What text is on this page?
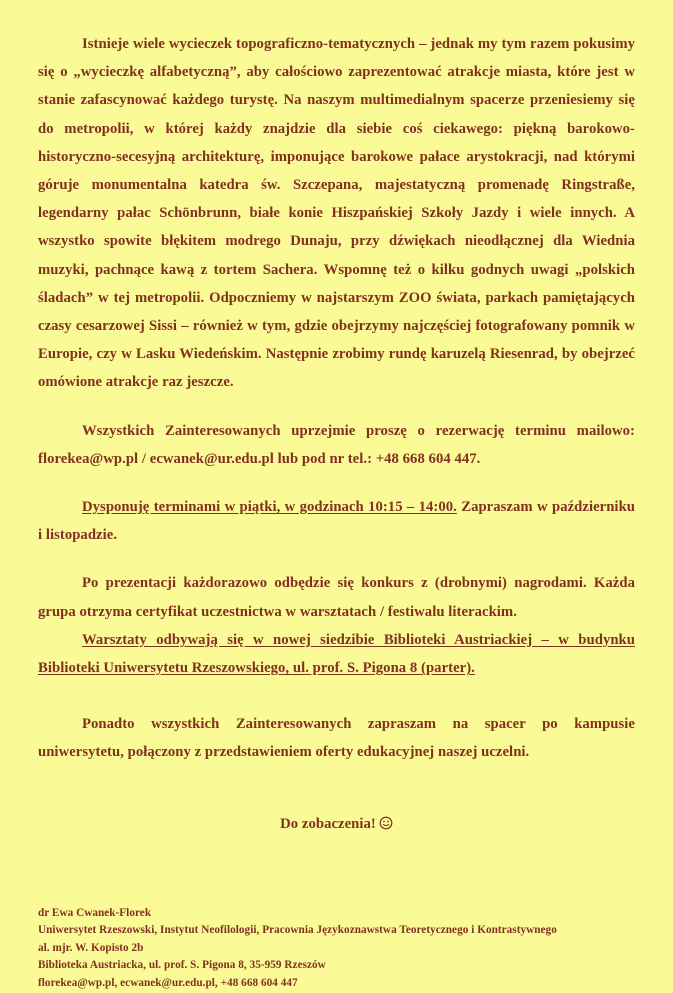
Istnieje wiele wycieczek topograficzno-tematycznych – jednak my tym razem pokusimy się o „wycieczkę alfabetyczną”, aby całościowo zaprezentować atrakcje miasta, które jest w stanie zafascynować każdego turystę. Na naszym multimedialnym spacerze przeniesiemy się do metropolii, w której każdy znajdzie dla siebie coś ciekawego: piękną barokowo-historyczno-secesyjną architekturę, imponujące barokowe pałace arystokracji, nad którymi góruje monumentalna katedra św. Szczepana, majestatyczną promenadę Ringstraße, legendarny pałac Schönbrunn, białe konie Hiszpańskiej Szkoły Jazdy i wiele innych. A wszystko spowite błękitem modrego Dunaju, przy dźwiękach nieodłącznej dla Wiednia muzyki, pachnące kawą z tortem Sachera. Wspomnę też o kilku godnych uwagi „polskich śladach” w tej metropolii. Odpoczniemy w najstarszym ZOO świata, parkach pamiętających czasy cesarzowej Sissi – również w tym, gdzie obejrzymy najczęściej fotografowany pomnik w Europie, czy w Lasku Wiedeńskim. Następnie zrobimy rundę karuzelą Riesenrad, by obejrzeć omówione atrakcje raz jeszcze.

Wszystkich Zainteresowanych uprzejmie proszę o rezerwację terminu mailowo: florekea@wp.pl / ecwanek@ur.edu.pl lub pod nr tel.: +48 668 604 447.

Dysponuję terminami w piątki, w godzinach 10:15 – 14:00. Zapraszam w październiku i listopadzie.

Po prezentacji każdorazowo odbędzie się konkurs z (drobnymi) nagrodami. Każda grupa otrzyma certyfikat uczestnictwa w warsztatach / festiwalu literackim.

Warsztaty odbywają się w nowej siedzibie Biblioteki Austriackiej – w budynku Biblioteki Uniwersytetu Rzeszowskiego, ul. prof. S. Pigona 8 (parter).

Ponadto wszystkich Zainteresowanych zapraszam na spacer po kampusie uniwersytetu, połączony z przedstawieniem oferty edukacyjnej naszej uczelni.

Do zobaczenia!

dr Ewa Cwanek-Florek
Uniwersytet Rzeszowski, Instytut Neofilologii, Pracownia Językoznawstwa Teoretycznego i Kontrastywnego
al. mjr. W. Kopisto 2b
Biblioteka Austriacka, ul. prof. S. Pigona 8, 35-959 Rzeszów
florekea@wp.pl, ecwanek@ur.edu.pl, +48 668 604 447
